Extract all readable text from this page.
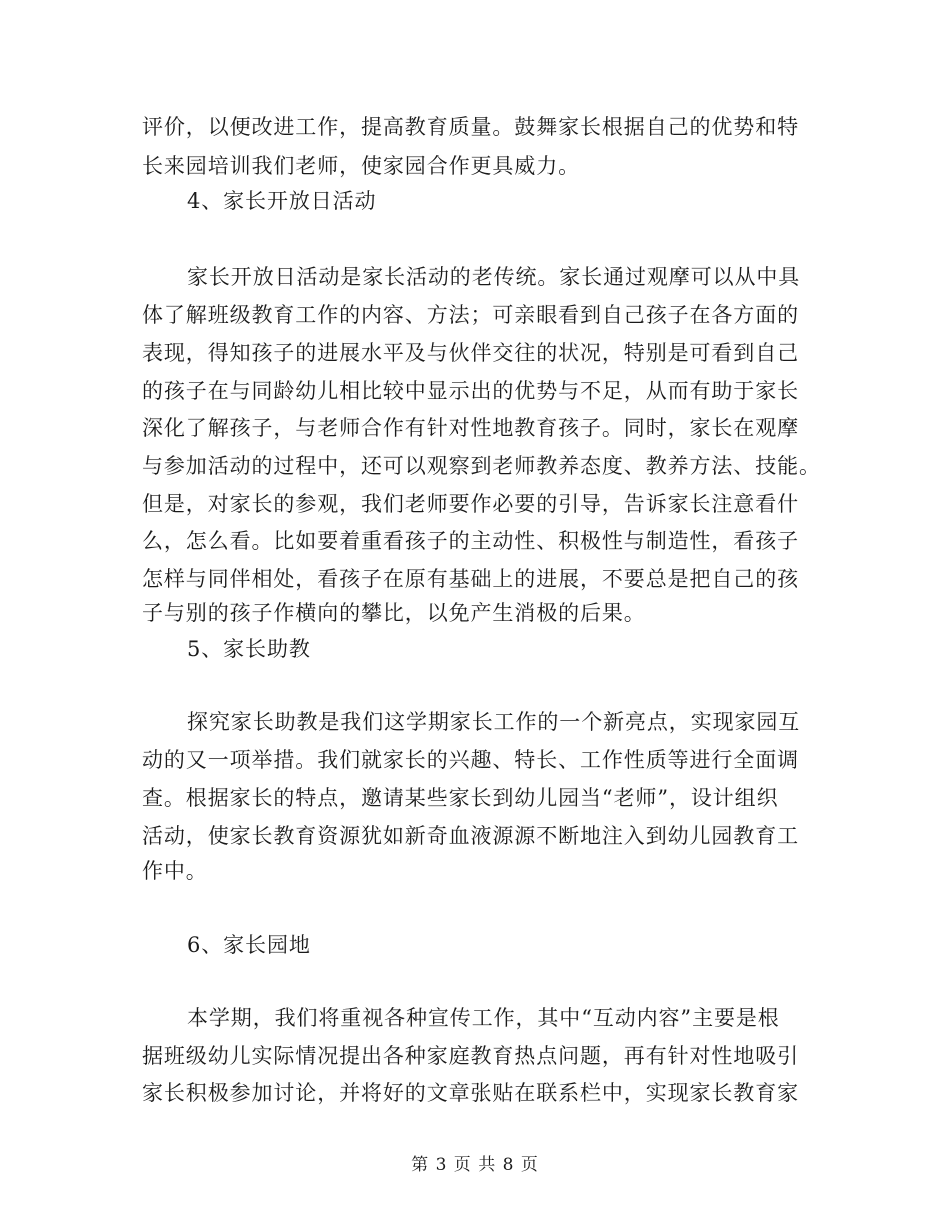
评价，以便改进工作，提高教育质量。鼓舞家长根据自己的优势和特
长来园培训我们老师，使家园合作更具威力。
4、家长开放日活动
家长开放日活动是家长活动的老传统。家长通过观摩可以从中具
体了解班级教育工作的内容、方法；可亲眼看到自己孩子在各方面的
表现，得知孩子的进展水平及与伙伴交往的状况，特别是可看到自己
的孩子在与同龄幼儿相比较中显示出的优势与不足，从而有助于家长
深化了解孩子，与老师合作有针对性地教育孩子。同时，家长在观摩
与参加活动的过程中，还可以观察到老师教养态度、教养方法、技能。
但是，对家长的参观，我们老师要作必要的引导，告诉家长注意看什
么，怎么看。比如要着重看孩子的主动性、积极性与制造性，看孩子
怎样与同伴相处，看孩子在原有基础上的进展，不要总是把自己的孩
子与别的孩子作横向的攀比，以免产生消极的后果。
5、家长助教
探究家长助教是我们这学期家长工作的一个新亮点，实现家园互
动的又一项举措。我们就家长的兴趣、特长、工作性质等进行全面调
查。根据家长的特点，邀请某些家长到幼儿园当“老师”，设计组织
活动，使家长教育资源犹如新奇血液源源不断地注入到幼儿园教育工
作中。
6、家长园地
本学期，我们将重视各种宣传工作，其中“互动内容”主要是根
据班级幼儿实际情况提出各种家庭教育热点问题，再有针对性地吸引
家长积极参加讨论，并将好的文章张贴在联系栏中，实现家长教育家
第 3 页 共 8 页
